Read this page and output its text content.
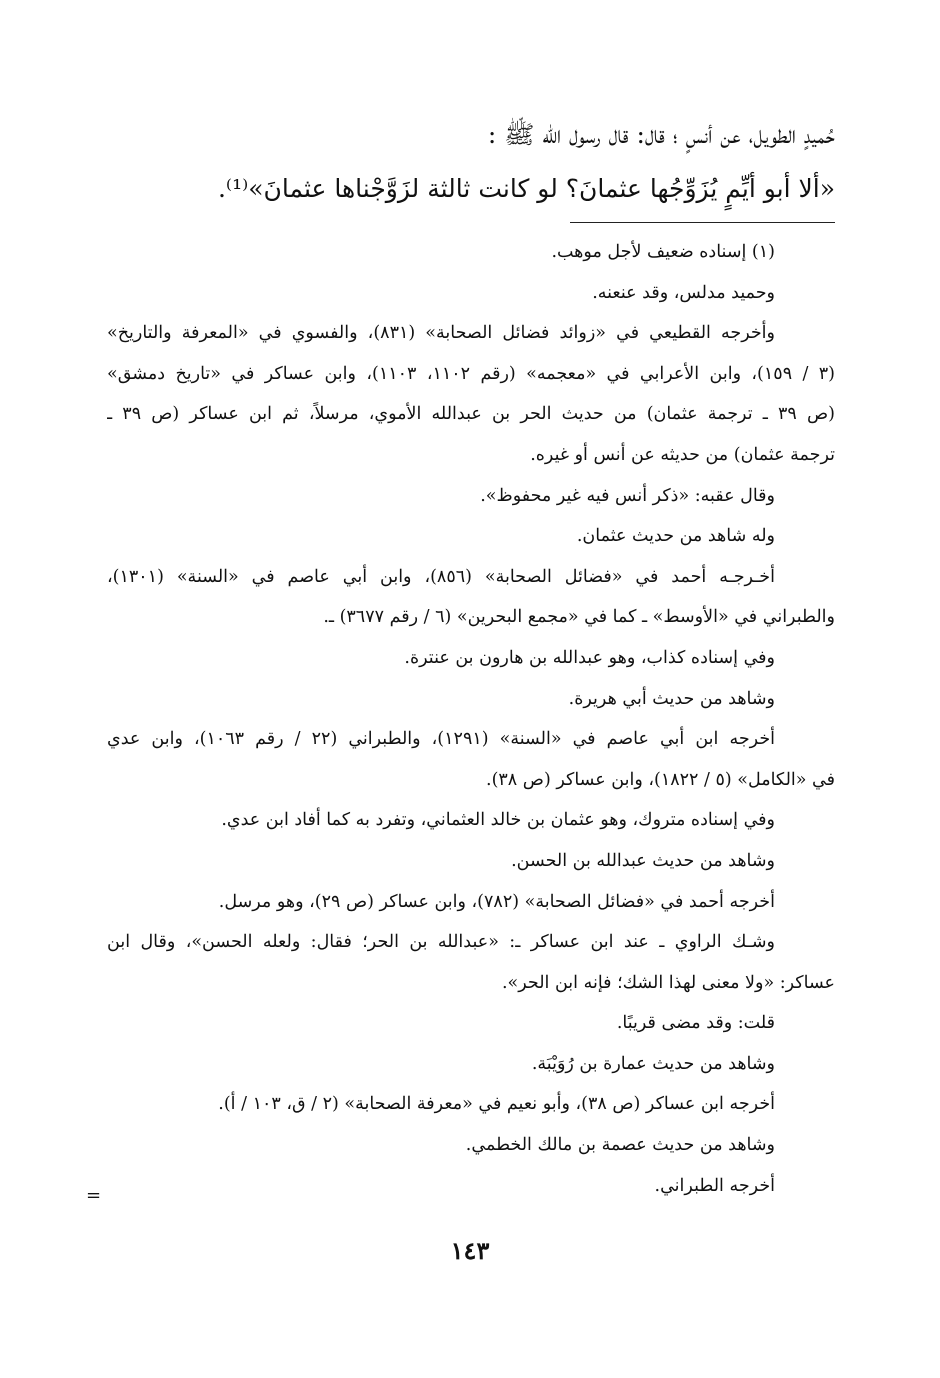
حُميدٍ الطويل، عن أنسٍ ؛ قال: قال رسول الله ﷺ :
«ألا أبو أيِّمٍ يُزَوِّجُها عثمانَ؟ لو كانت ثالثة لزَوَّجْناها عثمانَ»⁽¹⁾.
(١) إسناده ضعيف لأجل موهب.
وحميد مدلس، وقد عنعنه.
وأخرجه القطيعي في «زوائد فضائل الصحابة» (٨٣١)، والفسوي في «المعرفة والتاريخ»
(٣ / ١٥٩)، وابن الأعرابي في «معجمه» (رقم ١١٠٢، ١١٠٣)، وابن عساكر في «تاريخ دمشق»
(ص ٣٩ ـ ترجمة عثمان) من حديث الحر بن عبدالله الأموي، مرسلاً، ثم ابن عساكر (ص ٣٩ ـ
ترجمة عثمان) من حديثه عن أنس أو غيره.
وقال عقبه: «ذكر أنس فيه غير محفوظ».
وله شاهد من حديث عثمان.
أخـرجـه أحمد في «فضائل الصحابة» (٨٥٦)، وابن أبي عاصم في «السنة» (١٣٠١)،
والطبراني في «الأوسط» ـ كما في «مجمع البحرين» (٦ / رقم ٣٦٧٧) ـ.
وفي إسناده كذاب، وهو عبدالله بن هارون بن عنترة.
وشاهد من حديث أبي هريرة.
أخرجه ابن أبي عاصم في «السنة» (١٢٩١)، والطبراني (٢٢ / رقم ١٠٦٣)، وابن عدي
في «الكامل» (٥ / ١٨٢٢)، وابن عساكر (ص ٣٨).
وفي إسناده متروك، وهو عثمان بن خالد العثماني، وتفرد به كما أفاد ابن عدي.
وشاهد من حديث عبدالله بن الحسن.
أخرجه أحمد في «فضائل الصحابة» (٧٨٢)، وابن عساكر (ص ٢٩)، وهو مرسل.
وشـك الراوي ـ عند ابن عساكر ـ: «عبدالله بن الحر؛ فقال: ولعله الحسن»، وقال ابن
عساكر: «ولا معنى لهذا الشك؛ فإنه ابن الحر».
قلت: وقد مضى قريبًا.
وشاهد من حديث عمارة بن رُوَيْبَة.
أخرجه ابن عساكر (ص ٣٨)، وأبو نعيم في «معرفة الصحابة» (٢ / ق، ١٠٣ / أ).
وشاهد من حديث عصمة بن مالك الخطمي.
أخرجه الطبراني.
=
١٤٣
